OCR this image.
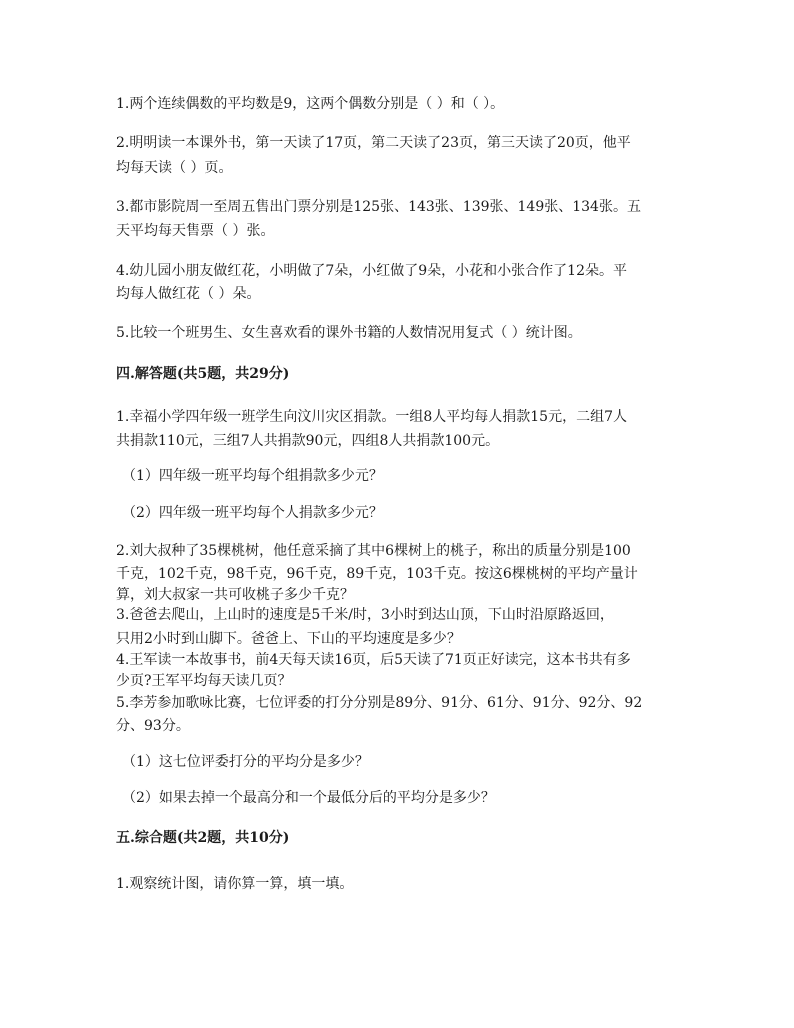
1.两个连续偶数的平均数是9，这两个偶数分别是（ ）和（ ）。
2.明明读一本课外书，第一天读了17页，第二天读了23页，第三天读了20页，他平
均每天读（ ）页。
3.都市影院周一至周五售出门票分别是125张、143张、139张、149张、134张。五
天平均每天售票（ ）张。
4.幼儿园小朋友做红花，小明做了7朵，小红做了9朵，小花和小张合作了12朵。平
均每人做红花（ ）朵。
5.比较一个班男生、女生喜欢看的课外书籍的人数情况用复式（ ）统计图。
四.解答题(共5题，共29分)
1.幸福小学四年级一班学生向汶川灾区捐款。一组8人平均每人捐款15元，二组7人
共捐款110元，三组7人共捐款90元，四组8人共捐款100元。
（1）四年级一班平均每个组捐款多少元？
（2）四年级一班平均每个人捐款多少元？
2.刘大叔种了35棵桃树，他任意采摘了其中6棵树上的桃子，称出的质量分别是100
千克，102千克，98千克，96千克，89千克，103千克。按这6棵桃树的平均产量计
算，刘大叔家一共可收桃子多少千克？
3.爸爸去爬山，上山时的速度是5千米/时，3小时到达山顶，下山时沿原路返回，
只用2小时到山脚下。爸爸上、下山的平均速度是多少？
4.王军读一本故事书，前4天每天读16页，后5天读了71页正好读完，这本书共有多
少页?王军平均每天读几页？
5.李芳参加歌咏比赛，七位评委的打分分别是89分、91分、61分、91分、92分、92
分、93分。
（1）这七位评委打分的平均分是多少？
（2）如果去掉一个最高分和一个最低分后的平均分是多少？
五.综合题(共2题，共10分)
1.观察统计图，请你算一算，填一填。
